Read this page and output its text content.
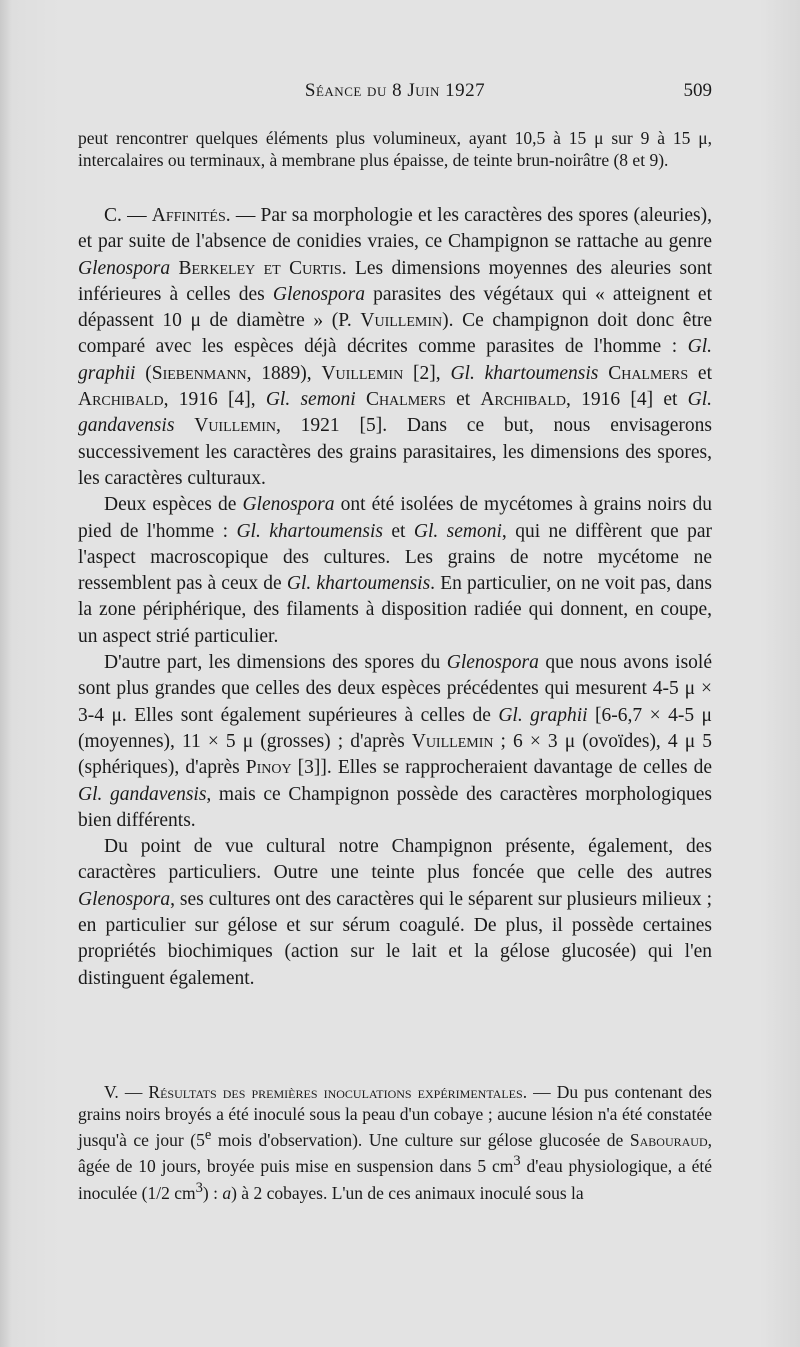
Séance du 8 Juin 1927	509

peut rencontrer quelques éléments plus volumineux, ayant 10,5 à 15 μ sur 9 à 15 μ, intercalaires ou terminaux, à membrane plus épaisse, de teinte brun-noirâtre (8 et 9).

C. — Affinités. — Par sa morphologie et les caractères des spores (aleuries), et par suite de l'absence de conidies vraies, ce Champignon se rattache au genre Glenospora Berkeley et Curtis. Les dimensions moyennes des aleuries sont inférieures à celles des Glenospora parasites des végétaux qui « atteignent et dépassent 10 μ de diamètre » (P. Vuillemin). Ce champignon doit donc être comparé avec les espèces déjà décrites comme parasites de l'homme : Gl. graphii (Siebenmann, 1889), Vuillemin [2], Gl. khartoumensis Chalmers et Archibald, 1916 [4], Gl. semoni Chalmers et Archibald, 1916 [4] et Gl. gandavensis Vuillemin, 1921 [5]. Dans ce but, nous envisagerons successivement les caractères des grains parasitaires, les dimensions des spores, les caractères culturaux.

Deux espèces de Glenospora ont été isolées de mycétomes à grains noirs du pied de l'homme : Gl. khartoumensis et Gl. semoni, qui ne diffèrent que par l'aspect macroscopique des cultures. Les grains de notre mycétome ne ressemblent pas à ceux de Gl. khartoumensis. En particulier, on ne voit pas, dans la zone périphérique, des filaments à disposition radiée qui donnent, en coupe, un aspect strié particulier.

D'autre part, les dimensions des spores du Glenospora que nous avons isolé sont plus grandes que celles des deux espèces précédentes qui mesurent 4-5 μ × 3-4 μ. Elles sont également supérieures à celles de Gl. graphii [6-6,7 × 4-5 μ (moyennes), 11 × 5 μ (grosses) ; d'après Vuillemin ; 6 × 3 μ (ovoïdes), 4 μ 5 (sphériques), d'après Pinoy [3]]. Elles se rapprocheraient davantage de celles de Gl. gandavensis, mais ce Champignon possède des caractères morphologiques bien différents.

Du point de vue cultural notre Champignon présente, également, des caractères particuliers. Outre une teinte plus foncée que celle des autres Glenospora, ses cultures ont des caractères qui le séparent sur plusieurs milieux ; en particulier sur gélose et sur sérum coagulé. De plus, il possède certaines propriétés biochimiques (action sur le lait et la gélose glucosée) qui l'en distinguent également.

V. — Résultats des premières inoculations expérimentales. — Du pus contenant des grains noirs broyés a été inoculé sous la peau d'un cobaye ; aucune lésion n'a été constatée jusqu'à ce jour (5e mois d'observation). Une culture sur gélose glucosée de Sabouraud, âgée de 10 jours, broyée puis mise en suspension dans 5 $cm^3$ d'eau physiologique, a été inoculée (1/2 $cm^3$) : a) à 2 cobayes. L'un de ces animaux inoculé sous la
